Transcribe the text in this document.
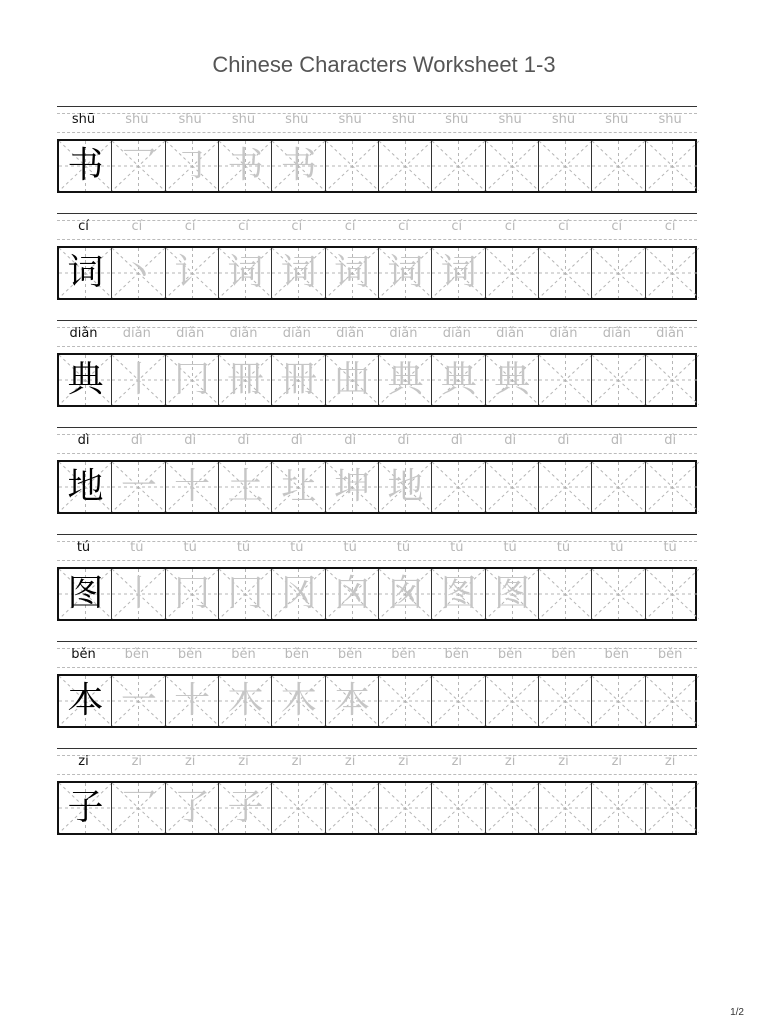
Chinese Characters Worksheet 1-3
shū	shū	shū	shū	shū	shū	shū	shū	shū	shū	shū	shū
书 乛 ㇆ 书 书
cí	cí	cí	cí	cí	cí	cí	cí	cí	cí	cí	cí
词 丶 讠 词 词 词 词 词
diǎn	diǎn	diǎn	diǎn	diǎn	diǎn	diǎn	diǎn	diǎn	diǎn	diǎn	diǎn
典 丨 冂 冊 冊 曲 典 典 典
dì	dì	dì	dì	dì	dì	dì	dì	dì	dì	dì	dì
地 一 十 土 圵 坤 地
tú	tú	tú	tú	tú	tú	tú	tú	tú	tú	tú	tú
图 丨 冂 冂 冈 囟 囪 图 图
běn	běn	běn	běn	běn	běn	běn	běn	běn	běn	běn	běn
本 一 十 木 木 本
zi	zi	zi	zi	zi	zi	zi	zi	zi	zi	zi	zi
子 乛 了 子
1/2
